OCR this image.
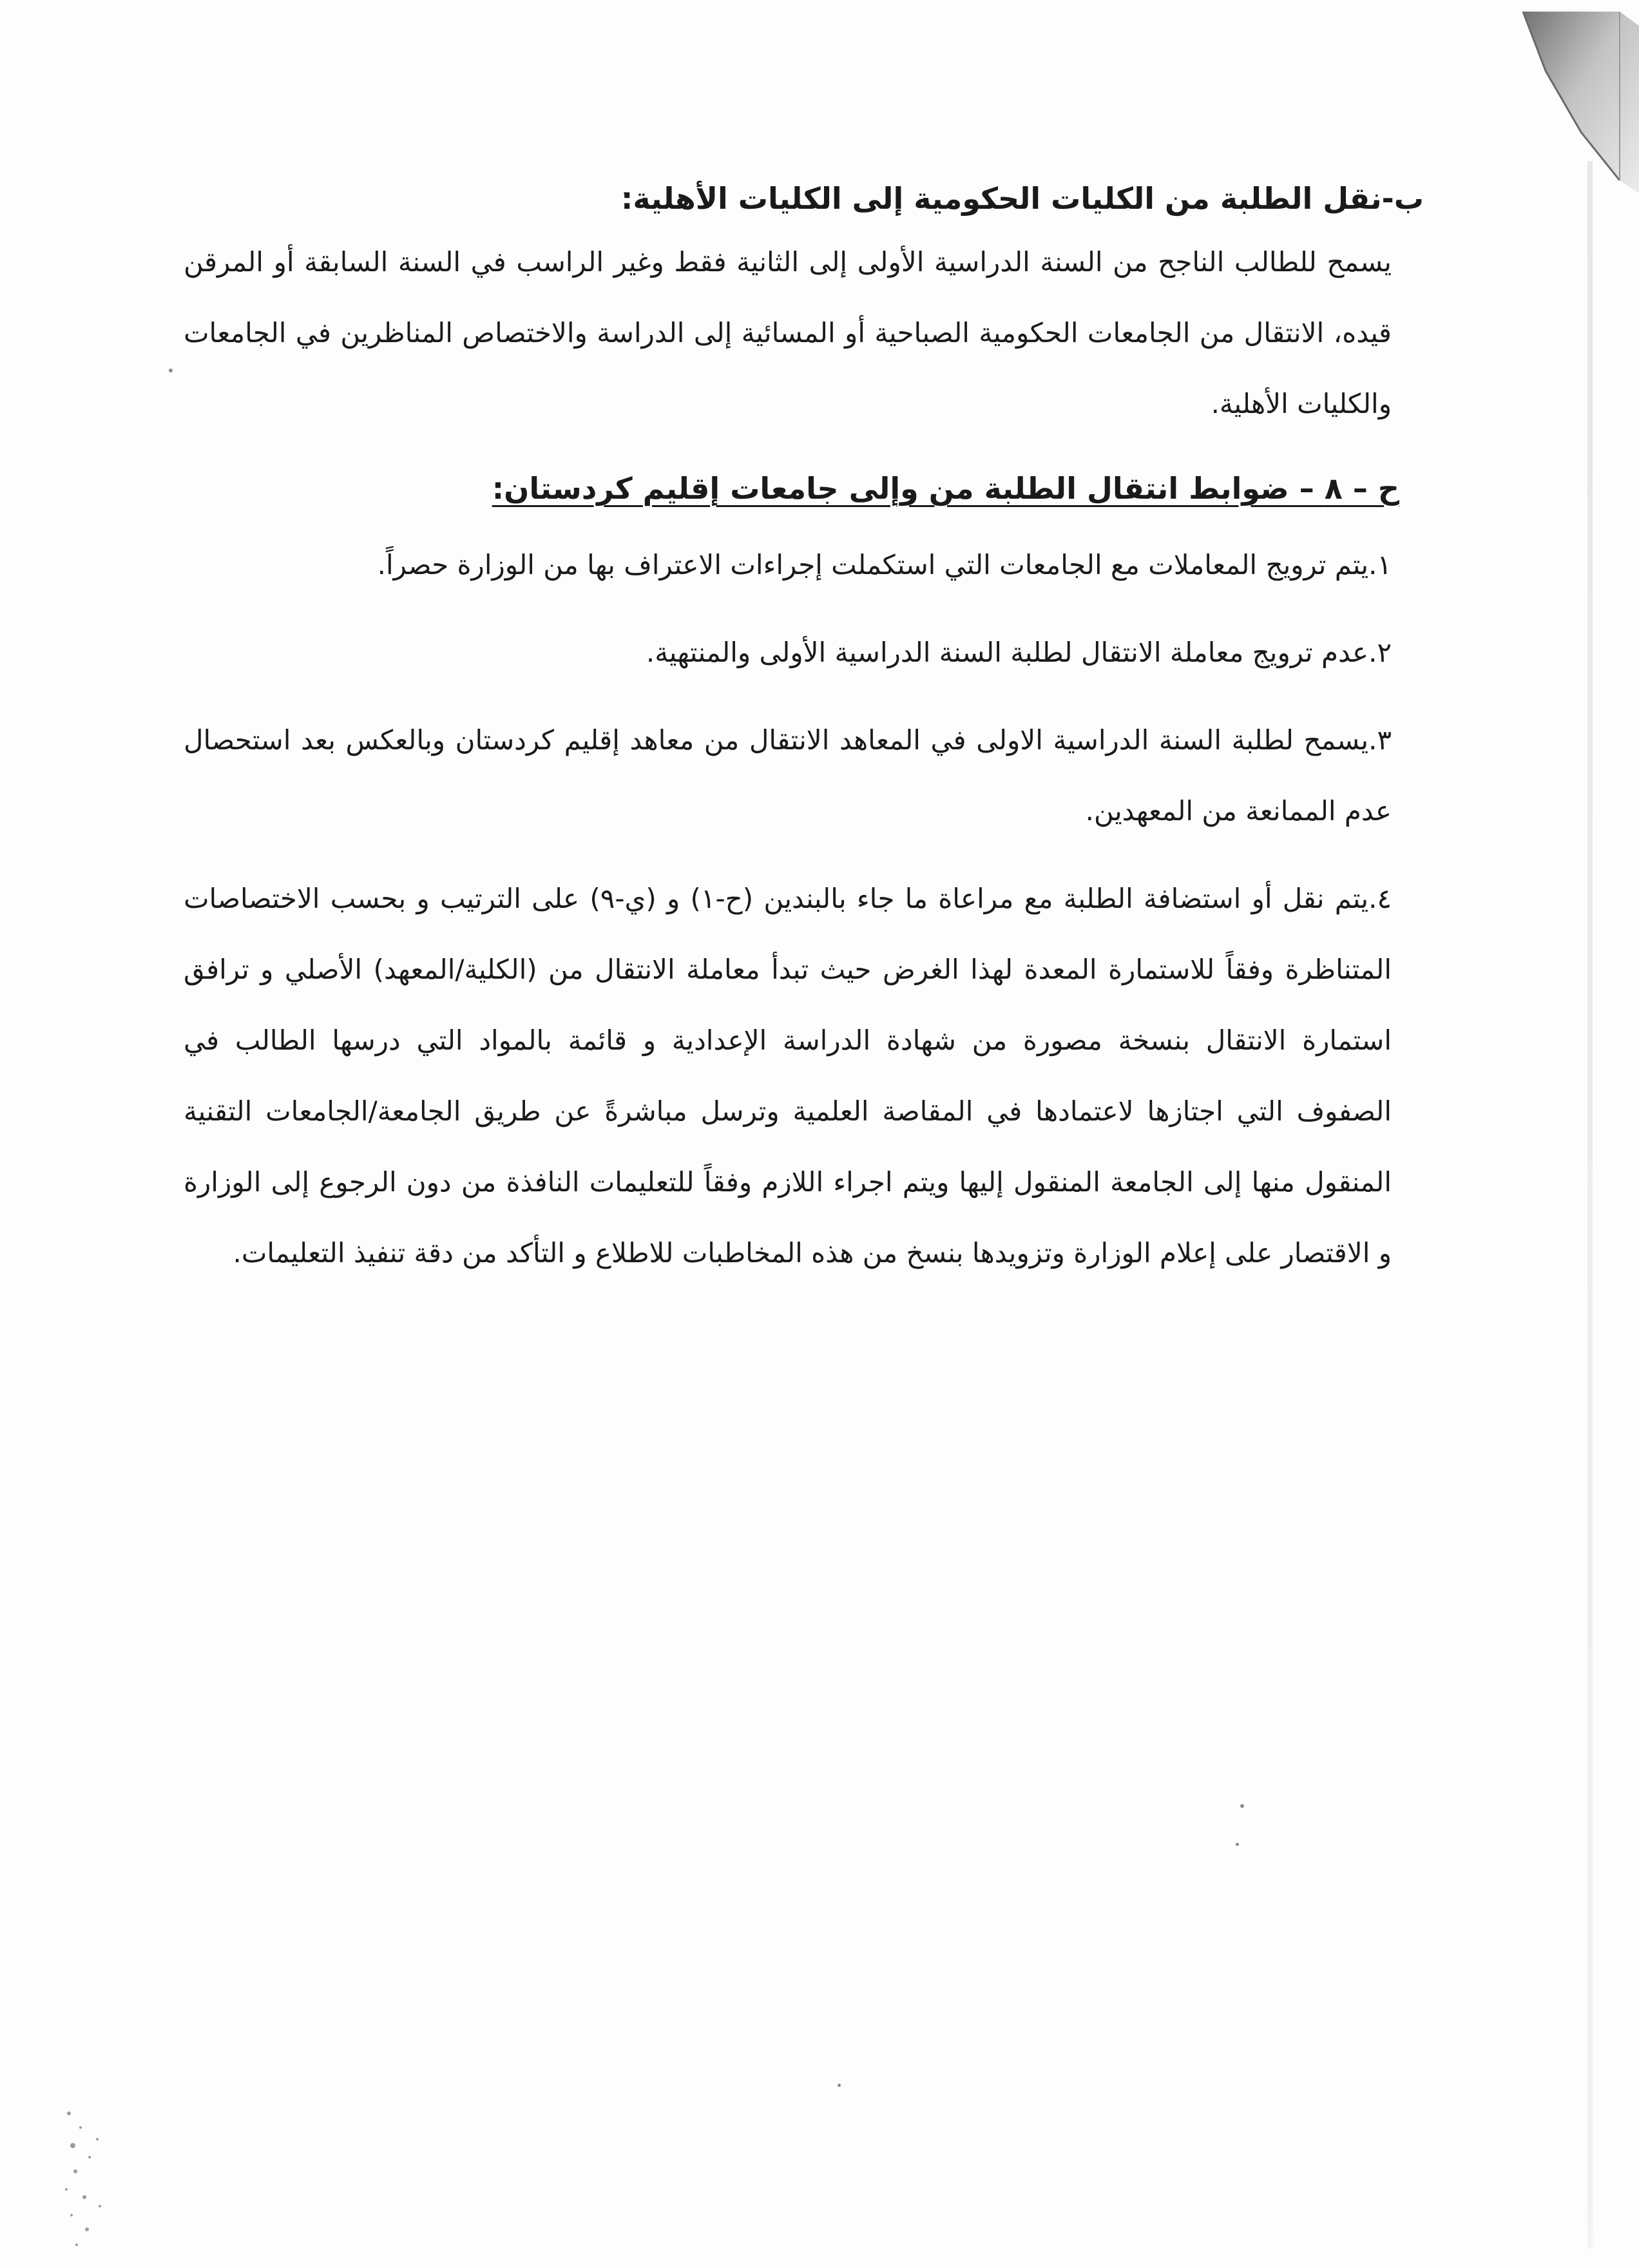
ب-نقل الطلبة من الكليات الحكومية إلى الكليات الأهلية:

يسمح للطالب الناجح من السنة الدراسية الأولى إلى الثانية فقط وغير الراسب في السنة السابقة أو المرقن قيده، الانتقال من الجامعات الحكومية الصباحية أو المسائية إلى الدراسة والاختصاص المناظرين في الجامعات والكليات الأهلية.

ح – ٨ – ضوابط انتقال الطلبة من وإلى جامعات إقليم كردستان:

١.يتم ترويج المعاملات مع الجامعات التي استكملت إجراءات الاعتراف بها من الوزارة حصراً.

٢.عدم ترويج معاملة الانتقال لطلبة السنة الدراسية الأولى والمنتهية.

٣.يسمح لطلبة السنة الدراسية الاولى في المعاهد الانتقال من معاهد إقليم كردستان وبالعكس بعد استحصال عدم الممانعة من المعهدين.

٤.يتم نقل أو استضافة الطلبة مع مراعاة ما جاء بالبندين (ح-١) و (ي-٩) على الترتيب و بحسب الاختصاصات المتناظرة وفقاً للاستمارة المعدة لهذا الغرض حيث تبدأ معاملة الانتقال من (الكلية/المعهد) الأصلي و ترافق استمارة الانتقال بنسخة مصورة من شهادة الدراسة الإعدادية و قائمة بالمواد التي درسها الطالب في الصفوف التي اجتازها لاعتمادها في المقاصة العلمية وترسل مباشرةً عن طريق الجامعة/الجامعات التقنية المنقول منها إلى الجامعة المنقول إليها ويتم اجراء اللازم وفقاً للتعليمات النافذة من دون الرجوع إلى الوزارة و الاقتصار على إعلام الوزارة وتزويدها بنسخ من هذه المخاطبات للاطلاع و التأكد من دقة تنفيذ التعليمات.
